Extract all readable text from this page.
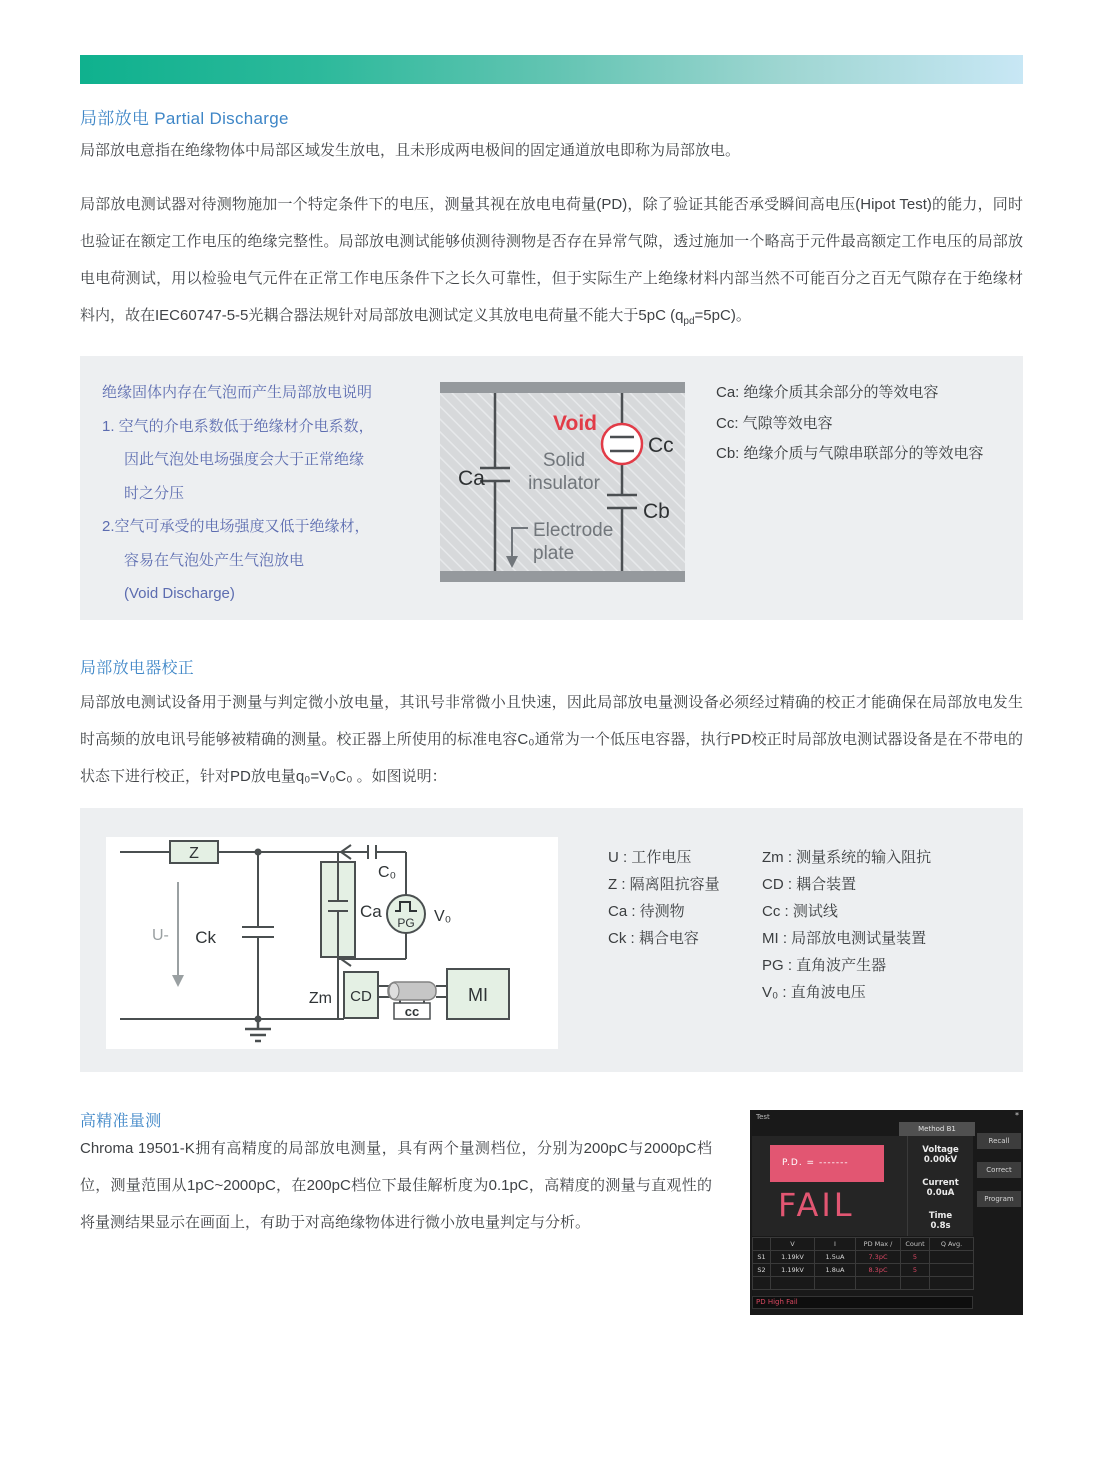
局部放电 Partial Discharge
局部放电意指在绝缘物体中局部区域发生放电，且未形成两电极间的固定通道放电即称为局部放电。

局部放电测试器对待测物施加一个特定条件下的电压，测量其视在放电电荷量(PD)，除了验证其能否承受瞬间高电压(Hipot Test)的能力，同时也验证在额定工作电压的绝缘完整性。局部放电测试能够侦测待测物是否存在异常气隙，透过施加一个略高于元件最高额定工作电压的局部放电电荷测试，用以检验电气元件在正常工作电压条件下之长久可靠性，但于实际生产上绝缘材料内部当然不可能百分之百无气隙存在于绝缘材料内，故在IEC60747-5-5光耦合器法规针对局部放电测试定义其放电电荷量不能大于5pC $(q_{pd}=5pC)$。

绝缘固体内存在气泡而产生局部放电说明
1. 空气的介电系数低于绝缘材介电系数，
因此气泡处电场强度会大于正常绝缘
时之分压
2.空气可承受的电场强度又低于绝缘材，
容易在气泡处产生气泡放电
(Void Discharge)
Ca
Void
Cc
Cb
Solid
insulator
Electrode
plate
Ca: 绝缘介质其余部分的等效电容
Cc: 气隙等效电容
Cb: 绝缘介质与气隙串联部分的等效电容
局部放电器校正

局部放电测试设备用于测量与判定微小放电量，其讯号非常微小且快速，因此局部放电量测设备必须经过精确的校正才能确保在局部放电发生时高频的放电讯号能够被精确的测量。校正器上所使用的标准电容C₀通常为一个低压电容器，执行PD校正时局部放电测试器设备是在不带电的状态下进行校正，针对PD放电量q₀=V₀C₀ 。如图说明：

U-
Z
Ck
Ca
C₀
PG V₀
Zm CD
cc
MI
U : 工作电压
Z : 隔离阻抗容量
Ca : 待测物
Ck : 耦合电容
Zm : 测量系统的输入阻抗
CD : 耦合装置
Cc : 测试线
MI : 局部放电测试量装置
PG : 直角波产生器
V₀ : 直角波电压
高精准量测

Chroma 19501-K拥有高精度的局部放电测量，具有两个量测档位，分别为200pC与2000pC档位，测量范围从1pC~2000pC，在200pC档位下最佳解析度为0.1pC，高精度的测量与直观性的将量测结果显示在画面上，有助于对高绝缘物体进行微小放电量判定与分析。

Test	*
Method B1
P.D. = -------
FAIL
Voltage
0.00kV
Current
0.0uA
Time
0.8s
Recall
Correct
Program
	V	I	PD Max /	Count	Q Avg.
S1	1.19kV	1.5uA	7.3pC	5	
S2	1.19kV	1.8uA	8.3pC	5	

PD High Fail
